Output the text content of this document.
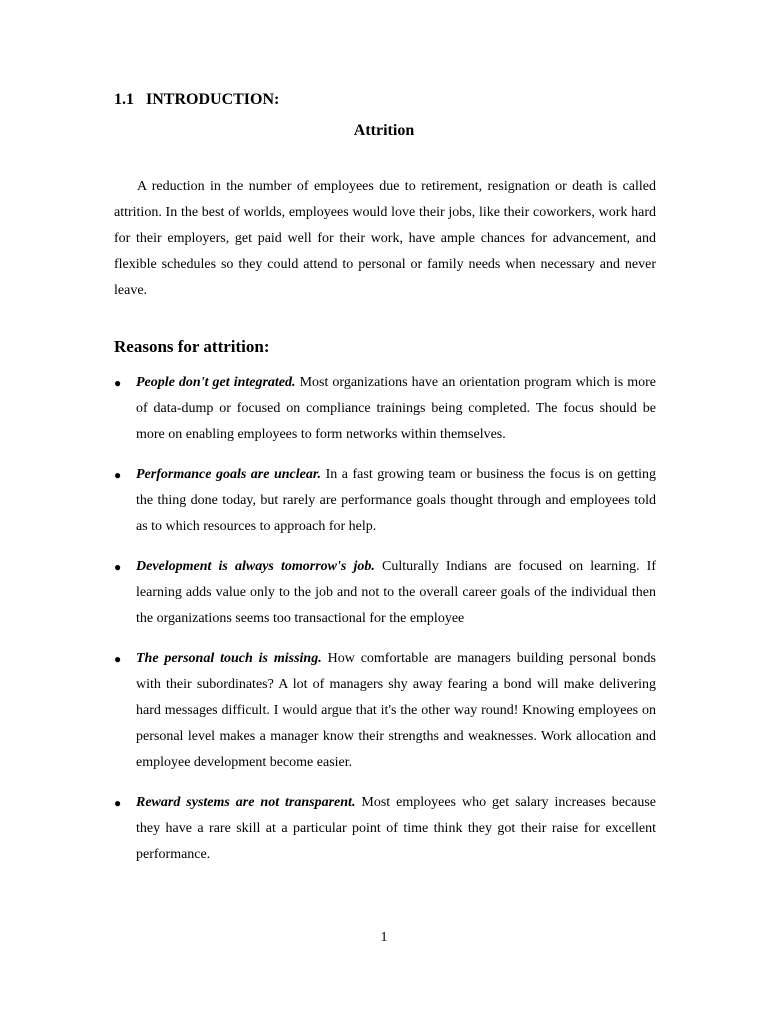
1.1 INTRODUCTION:
Attrition

A reduction in the number of employees due to retirement, resignation or death is called attrition. In the best of worlds, employees would love their jobs, like their coworkers, work hard for their employers, get paid well for their work, have ample chances for advancement, and flexible schedules so they could attend to personal or family needs when necessary and never leave.

Reasons for attrition:
● People don't get integrated. Most organizations have an orientation program which is more of data-dump or focused on compliance trainings being completed. The focus should be more on enabling employees to form networks within themselves.
● Performance goals are unclear. In a fast growing team or business the focus is on getting the thing done today, but rarely are performance goals thought through and employees told as to which resources to approach for help.
● Development is always tomorrow's job. Culturally Indians are focused on learning. If learning adds value only to the job and not to the overall career goals of the individual then the organizations seems too transactional for the employee
● The personal touch is missing. How comfortable are managers building personal bonds with their subordinates? A lot of managers shy away fearing a bond will make delivering hard messages difficult. I would argue that it's the other way round! Knowing employees on personal level makes a manager know their strengths and weaknesses. Work allocation and employee development become easier.
● Reward systems are not transparent. Most employees who get salary increases because they have a rare skill at a particular point of time think they got their raise for excellent performance.
1
